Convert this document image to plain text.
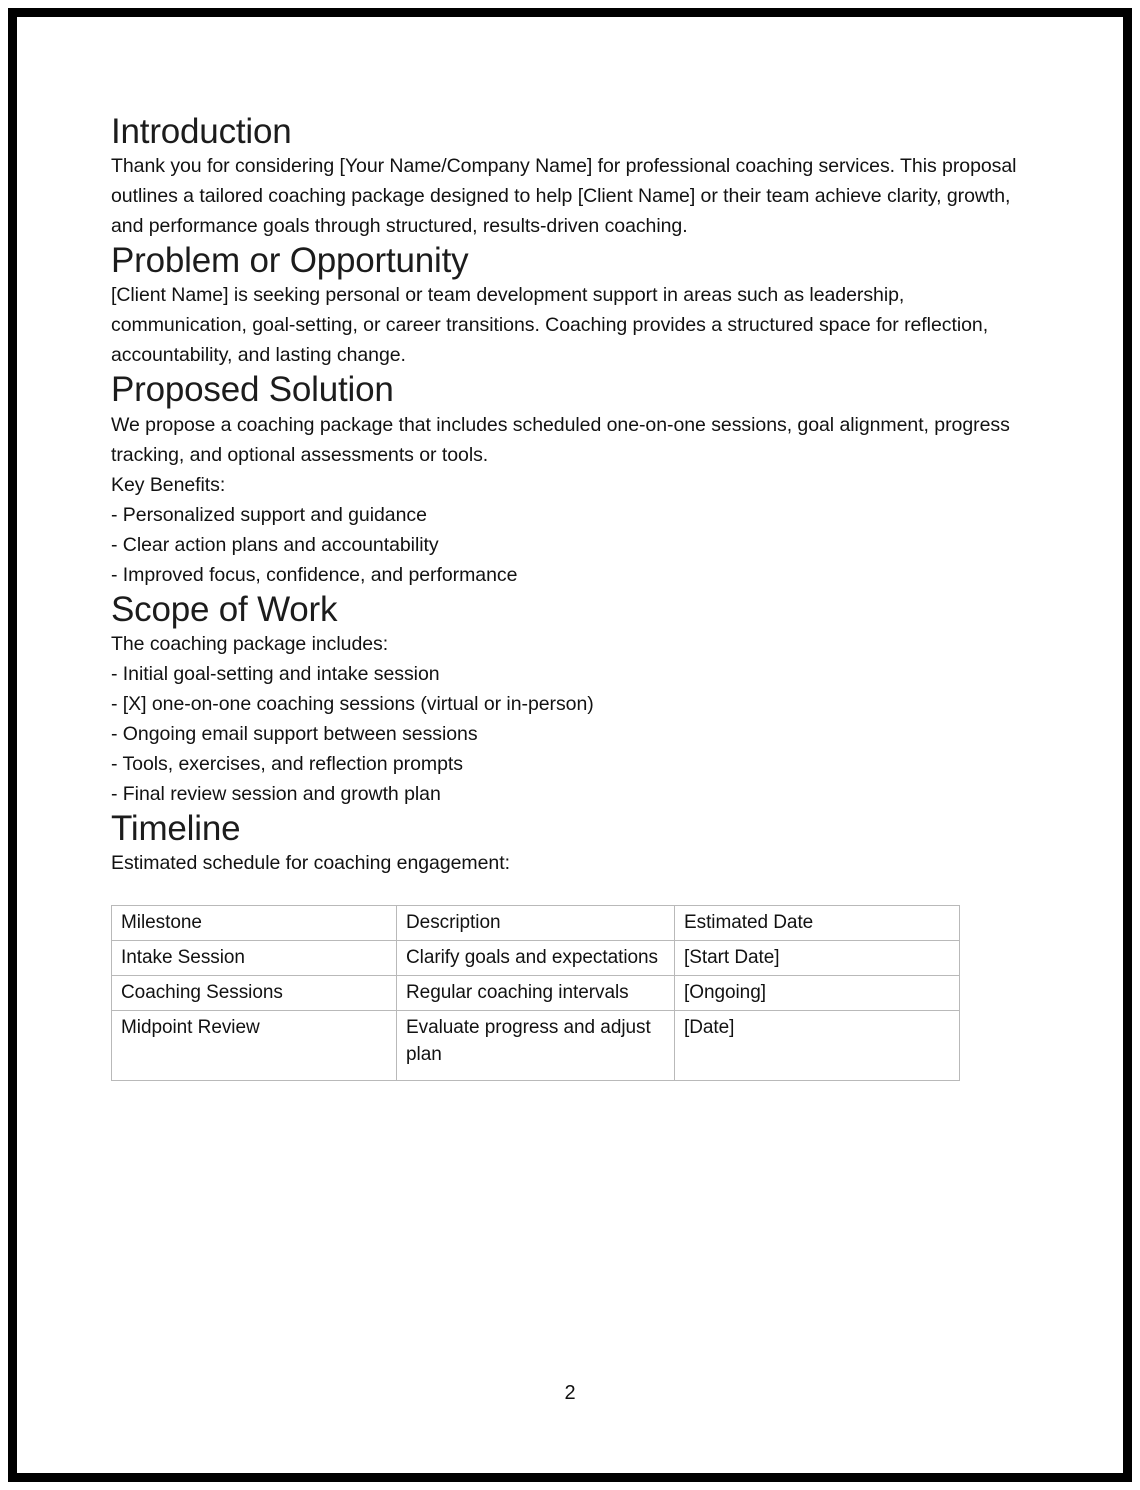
Introduction

Thank you for considering [Your Name/Company Name] for professional coaching services. This proposal outlines a tailored coaching package designed to help [Client Name] or their team achieve clarity, growth, and performance goals through structured, results-driven coaching.

Problem or Opportunity

[Client Name] is seeking personal or team development support in areas such as leadership, communication, goal-setting, or career transitions. Coaching provides a structured space for reflection, accountability, and lasting change.

Proposed Solution

We propose a coaching package that includes scheduled one-on-one sessions, goal alignment, progress tracking, and optional assessments or tools.

Key Benefits:

- Personalized support and guidance
- Clear action plans and accountability
- Improved focus, confidence, and performance
Scope of Work

The coaching package includes:

- Initial goal-setting and intake session
- [X] one-on-one coaching sessions (virtual or in-person)
- Ongoing email support between sessions
- Tools, exercises, and reflection prompts
- Final review session and growth plan
Timeline

Estimated schedule for coaching engagement:

Milestone	Description	Estimated Date
Intake Session	Clarify goals and expectations	[Start Date]
Coaching Sessions	Regular coaching intervals	[Ongoing]
Midpoint Review	Evaluate progress and adjust plan	[Date]
2
